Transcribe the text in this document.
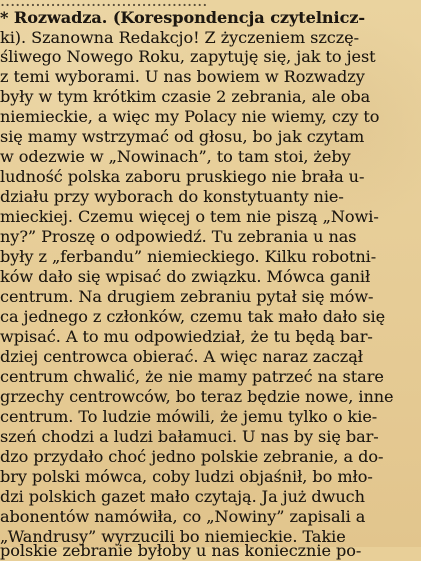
.........................................
* Rozwadza. (Korespondencja czytelnicz-
ki). Szanowna Redakcjo! Z życzeniem szczę-
śliwego Nowego Roku, zapytuję się, jak to jest
z temi wyborami. U nas bowiem w Rozwadzy
były w tym krótkim czasie 2 zebrania, ale oba
niemieckie, a więc my Polacy nie wiemy, czy to
się mamy wstrzymać od głosu, bo jak czytam
w odezwie w „Nowinach”, to tam stoi, żeby
ludność polska zaboru pruskiego nie brała u-
działu przy wyborach do konstytuanty nie-
mieckiej. Czemu więcej o tem nie piszą „Nowi-
ny?” Proszę o odpowiedź. Tu zebrania u nas
były z „ferbandu” niemieckiego. Kilku robotni-
ków dało się wpisać do związku. Mówca ganił
centrum. Na drugiem zebraniu pytał się mów-
ca jednego z członków, czemu tak mało dało się
wpisać. A to mu odpowiedział, że tu będą bar-
dziej centrowca obierać. A więc naraz zaczął
centrum chwalić, że nie mamy patrzeć na stare
grzechy centrowców, bo teraz będzie nowe, inne
centrum. To ludzie mówili, że jemu tylko o kie-
szeń chodzi a ludzi bałamuci. U nas by się bar-
dzo przydało choć jedno polskie zebranie, a do-
bry polski mówca, coby ludzi objaśnił, bo mło-
dzi polskich gazet mało czytają. Ja już dwuch
abonentów namówiła, co „Nowiny” zapisali a
„Wandrusy” wyrzucili bo niemieckie. Takie
polskie zebranie byłoby u nas koniecznie po-
